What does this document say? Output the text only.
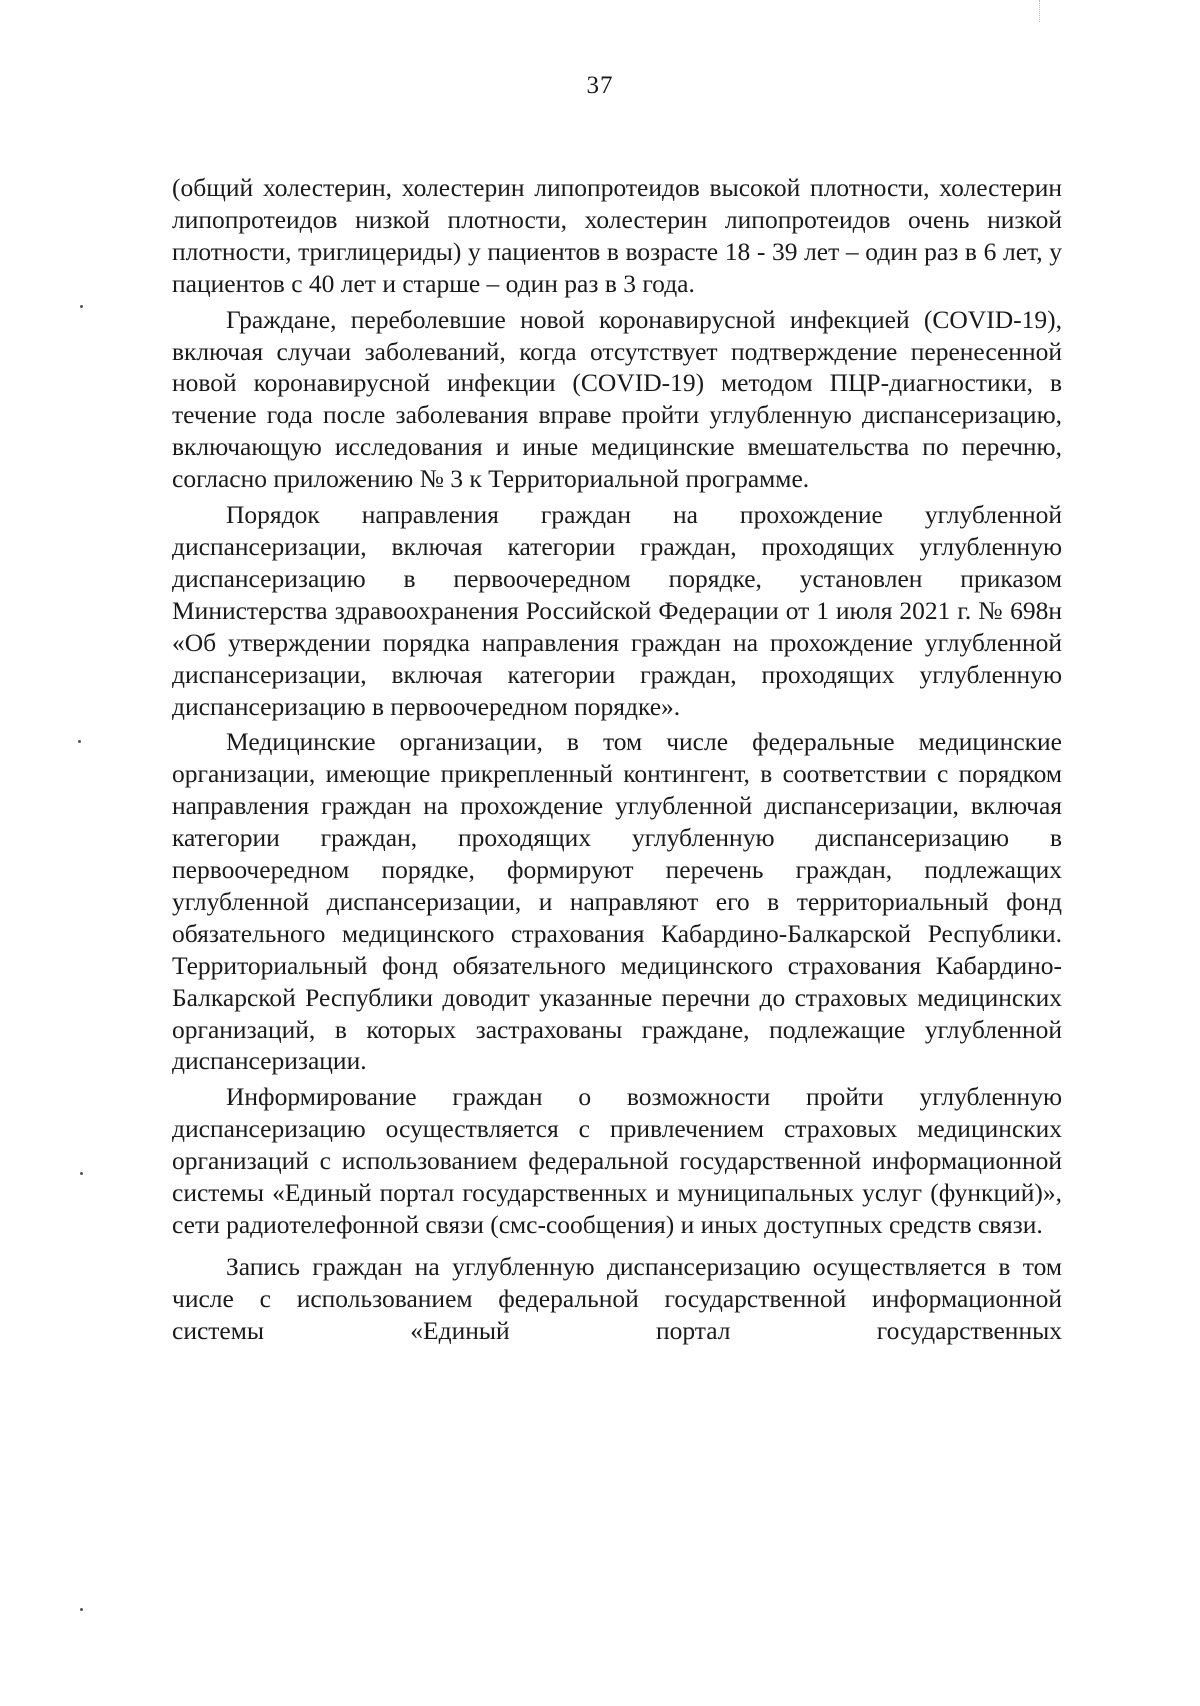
37

(общий холестерин, холестерин липопротеидов высокой плотности, холестерин липопротеидов низкой плотности, холестерин липопротеидов очень низкой плотности, триглицериды) у пациентов в возрасте 18 - 39 лет – один раз в 6 лет, у пациентов с 40 лет и старше – один раз в 3 года.

Граждане, переболевшие новой коронавирусной инфекцией (COVID-19), включая случаи заболеваний, когда отсутствует подтверждение перенесенной новой коронавирусной инфекции (COVID-19) методом ПЦР-диагностики, в течение года после заболевания вправе пройти углубленную диспансеризацию, включающую исследования и иные медицинские вмешательства по перечню, согласно приложению № 3 к Территориальной программе.

Порядок направления граждан на прохождение углубленной диспансеризации, включая категории граждан, проходящих углубленную диспансеризацию в первоочередном порядке, установлен приказом Министерства здравоохранения Российской Федерации от 1 июля 2021 г. № 698н «Об утверждении порядка направления граждан на прохождение углубленной диспансеризации, включая категории граждан, проходящих углубленную диспансеризацию в первоочередном порядке».

Медицинские организации, в том числе федеральные медицинские организации, имеющие прикрепленный контингент, в соответствии с порядком направления граждан на прохождение углубленной диспансеризации, включая категории граждан, проходящих углубленную диспансеризацию в первоочередном порядке, формируют перечень граждан, подлежащих углубленной диспансеризации, и направляют его в территориальный фонд обязательного медицинского страхования Кабардино-Балкарской Республики. Территориальный фонд обязательного медицинского страхования Кабардино-Балкарской Республики доводит указанные перечни до страховых медицинских организаций, в которых застрахованы граждане, подлежащие углубленной диспансеризации.

Информирование граждан о возможности пройти углубленную диспансеризацию осуществляется с привлечением страховых медицинских организаций с использованием федеральной государственной информационной системы «Единый портал государственных и муниципальных услуг (функций)», сети радиотелефонной связи (смс-сообщения) и иных доступных средств связи.

Запись граждан на углубленную диспансеризацию осуществляется в том числе с использованием федеральной государственной информационной системы «Единый портал государственных
